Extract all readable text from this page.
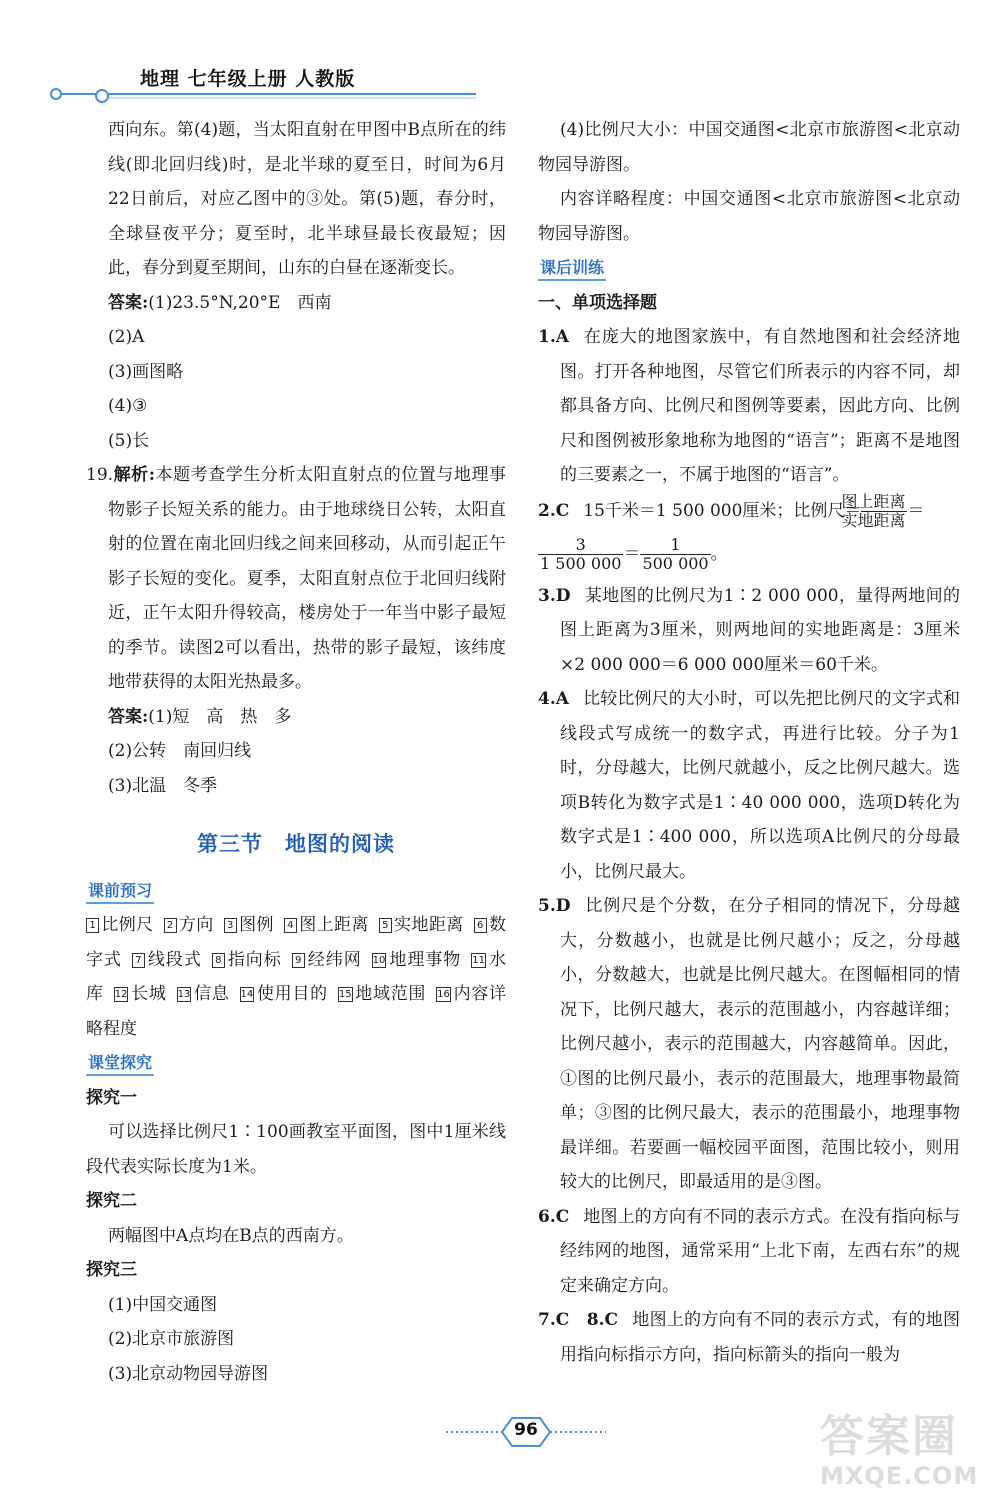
地理 七年级上册 人教版

西向东。第(4)题，当太阳直射在甲图中B点所在的纬线(即北回归线)时，是北半球的夏至日，时间为6月22日前后，对应乙图中的③处。第(5)题，春分时，全球昼夜平分；夏至时，北半球昼最长夜最短；因此，春分到夏至期间，山东的白昼在逐渐变长。

答案:(1)23.5°N,20°E　西南
(2)A
(3)画图略
(4)③
(5)长

19.解析:本题考查学生分析太阳直射点的位置与地理事物影子长短关系的能力。由于地球绕日公转，太阳直射的位置在南北回归线之间来回移动，从而引起正午影子长短的变化。夏季，太阳直射点位于北回归线附近，正午太阳升得较高，楼房处于一年当中影子最短的季节。读图2可以看出，热带的影子最短，该纬度地带获得的太阳光热最多。

答案:(1)短　高　热　多
(2)公转　南回归线
(3)北温　冬季
第三节　地图的阅读
课前预习
1 比例尺 2 方向 3 图例 4 图上距离 5 实地距离 6 数字式 7 线段式 8 指向标 9 经纬网 10 地理事物 11 水库 12 长城 13 信息 14 使用目的 15 地域范围 16 内容详略程度
课堂探究
探究一

可以选择比例尺1∶100画教室平面图，图中1厘米线段代表实际长度为1米。

探究二

两幅图中A点均在B点的西南方。

探究三
(1)中国交通图
(2)北京市旅游图
(3)北京动物园导游图

(4)比例尺大小：中国交通图<北京市旅游图<北京动物园导游图。

内容详略程度：中国交通图<北京市旅游图<北京动物园导游图。

课后训练
一、单项选择题

1.A 在庞大的地图家族中，有自然地图和社会经济地图。打开各种地图，尽管它们所表示的内容不同，却都具备方向、比例尺和图例等要素，因此方向、比例尺和图例被形象地称为地图的“语言”；距离不是地图的三要素之一，不属于地图的“语言”。

2.C 15千米＝1 500 000厘米；比例尺＝ $\frac{\text{图上距离}}{\text{实地距离}}$ ＝

$\frac{3}{1 500 000} = \frac{1}{500 000}$ 。

3.D 某地图的比例尺为1∶2 000 000，量得两地间的图上距离为3厘米，则两地间的实地距离是：3厘米×2 000 000＝6 000 000厘米＝60千米。

4.A 比较比例尺的大小时，可以先把比例尺的文字式和线段式写成统一的数字式，再进行比较。分子为1时，分母越大，比例尺就越小，反之比例尺越大。选项B转化为数字式是1∶40 000 000，选项D转化为数字式是1∶400 000，所以选项A比例尺的分母最小，比例尺最大。

5.D 比例尺是个分数，在分子相同的情况下，分母越大，分数越小，也就是比例尺越小；反之，分母越小，分数越大，也就是比例尺越大。在图幅相同的情况下，比例尺越大，表示的范围越小，内容越详细；比例尺越小，表示的范围越大，内容越简单。因此，①图的比例尺最小，表示的范围最大，地理事物最简单；③图的比例尺最大，表示的范围最小，地理事物最详细。若要画一幅校园平面图，范围比较小，则用较大的比例尺，即最适用的是③图。

6.C 地图上的方向有不同的表示方式。在没有指向标与经纬网的地图，通常采用“上北下南，左西右东”的规定来确定方向。

7.C　8.C 地图上的方向有不同的表示方式，有的地图用指向标指示方向，指向标箭头的指向一般为

96	答案圈
MXQE.COM
